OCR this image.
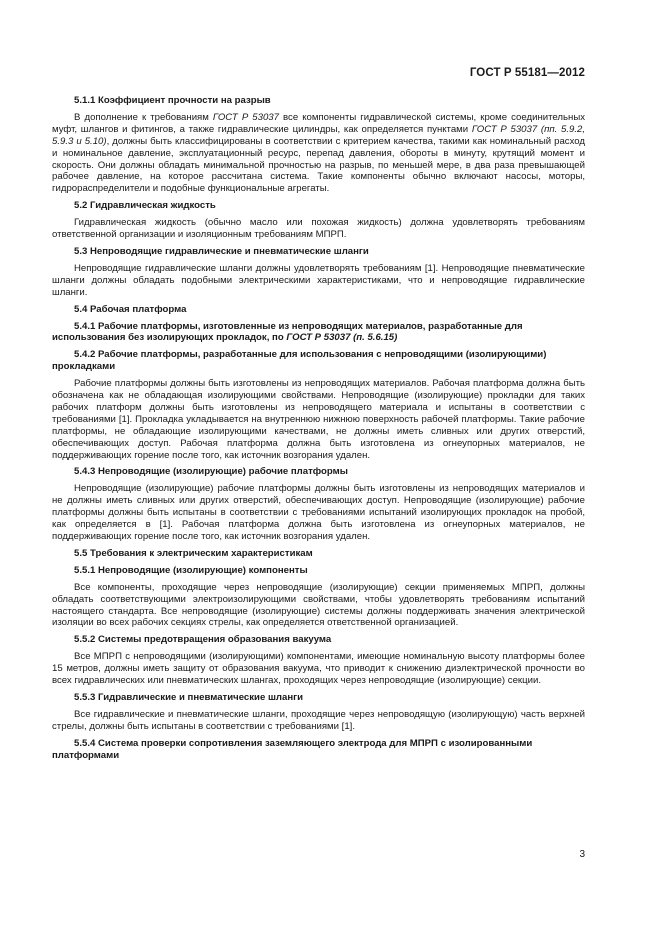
ГОСТ Р 55181—2012
5.1.1 Коэффициент прочности на разрыв
В дополнение к требованиям ГОСТ Р 53037 все компоненты гидравлической системы, кроме соединительных муфт, шлангов и фитингов, а также гидравлические цилиндры, как определяется пунктами ГОСТ Р 53037 (пп. 5.9.2, 5.9.3 и 5.10), должны быть классифицированы в соответствии с критерием качества, такими как номинальный расход и номинальное давление, эксплуатационный ресурс, перепад давления, обороты в минуту, крутящий момент и скорость. Они должны обладать минимальной прочностью на разрыв, по меньшей мере, в два раза превышающей рабочее давление, на которое рассчитана система. Такие компоненты обычно включают насосы, моторы, гидрораспределители и подобные функциональные агрегаты.
5.2 Гидравлическая жидкость
Гидравлическая жидкость (обычно масло или похожая жидкость) должна удовлетворять требованиям ответственной организации и изоляционным требованиям МПРП.
5.3 Непроводящие гидравлические и пневматические шланги
Непроводящие гидравлические шланги должны удовлетворять требованиям [1]. Непроводящие пневматические шланги должны обладать подобными электрическими характеристиками, что и непроводящие гидравлические шланги.
5.4 Рабочая платформа
5.4.1 Рабочие платформы, изготовленные из непроводящих материалов, разработанные для использования без изолирующих прокладок, по ГОСТ Р 53037 (п. 5.6.15)
5.4.2 Рабочие платформы, разработанные для использования с непроводящими (изолирующими) прокладками
Рабочие платформы должны быть изготовлены из непроводящих материалов. Рабочая платформа должна быть обозначена как не обладающая изолирующими свойствами. Непроводящие (изолирующие) прокладки для таких рабочих платформ должны быть изготовлены из непроводящего материала и испытаны в соответствии с требованиями [1]. Прокладка укладывается на внутреннюю нижнюю поверхность рабочей платформы. Такие рабочие платформы, не обладающие изолирующими качествами, не должны иметь сливных или других отверстий, обеспечивающих доступ. Рабочая платформа должна быть изготовлена из огнеупорных материалов, не поддерживающих горение после того, как источник возгорания удален.
5.4.3 Непроводящие (изолирующие) рабочие платформы
Непроводящие (изолирующие) рабочие платформы должны быть изготовлены из непроводящих материалов и не должны иметь сливных или других отверстий, обеспечивающих доступ. Непроводящие (изолирующие) рабочие платформы должны быть испытаны в соответствии с требованиями испытаний изолирующих прокладок на пробой, как определяется в [1]. Рабочая платформа должна быть изготовлена из огнеупорных материалов, не поддерживающих горение после того, как источник возгорания удален.
5.5 Требования к электрическим характеристикам
5.5.1 Непроводящие (изолирующие) компоненты
Все компоненты, проходящие через непроводящие (изолирующие) секции применяемых МПРП, должны обладать соответствующими электроизолирующими свойствами, чтобы удовлетворять требованиям испытаний настоящего стандарта. Все непроводящие (изолирующие) системы должны поддерживать значения электрической изоляции во всех рабочих секциях стрелы, как определяется ответственной организацией.
5.5.2 Системы предотвращения образования вакуума
Все МПРП с непроводящими (изолирующими) компонентами, имеющие номинальную высоту платформы более 15 метров, должны иметь защиту от образования вакуума, что приводит к снижению диэлектрической прочности во всех гидравлических или пневматических шлангах, проходящих через непроводящие (изолирующие) секции.
5.5.3 Гидравлические и пневматические шланги
Все гидравлические и пневматические шланги, проходящие через непроводящую (изолирующую) часть верхней стрелы, должны быть испытаны в соответствии с требованиями [1].
5.5.4 Система проверки сопротивления заземляющего электрода для МПРП с изолированными платформами
3
